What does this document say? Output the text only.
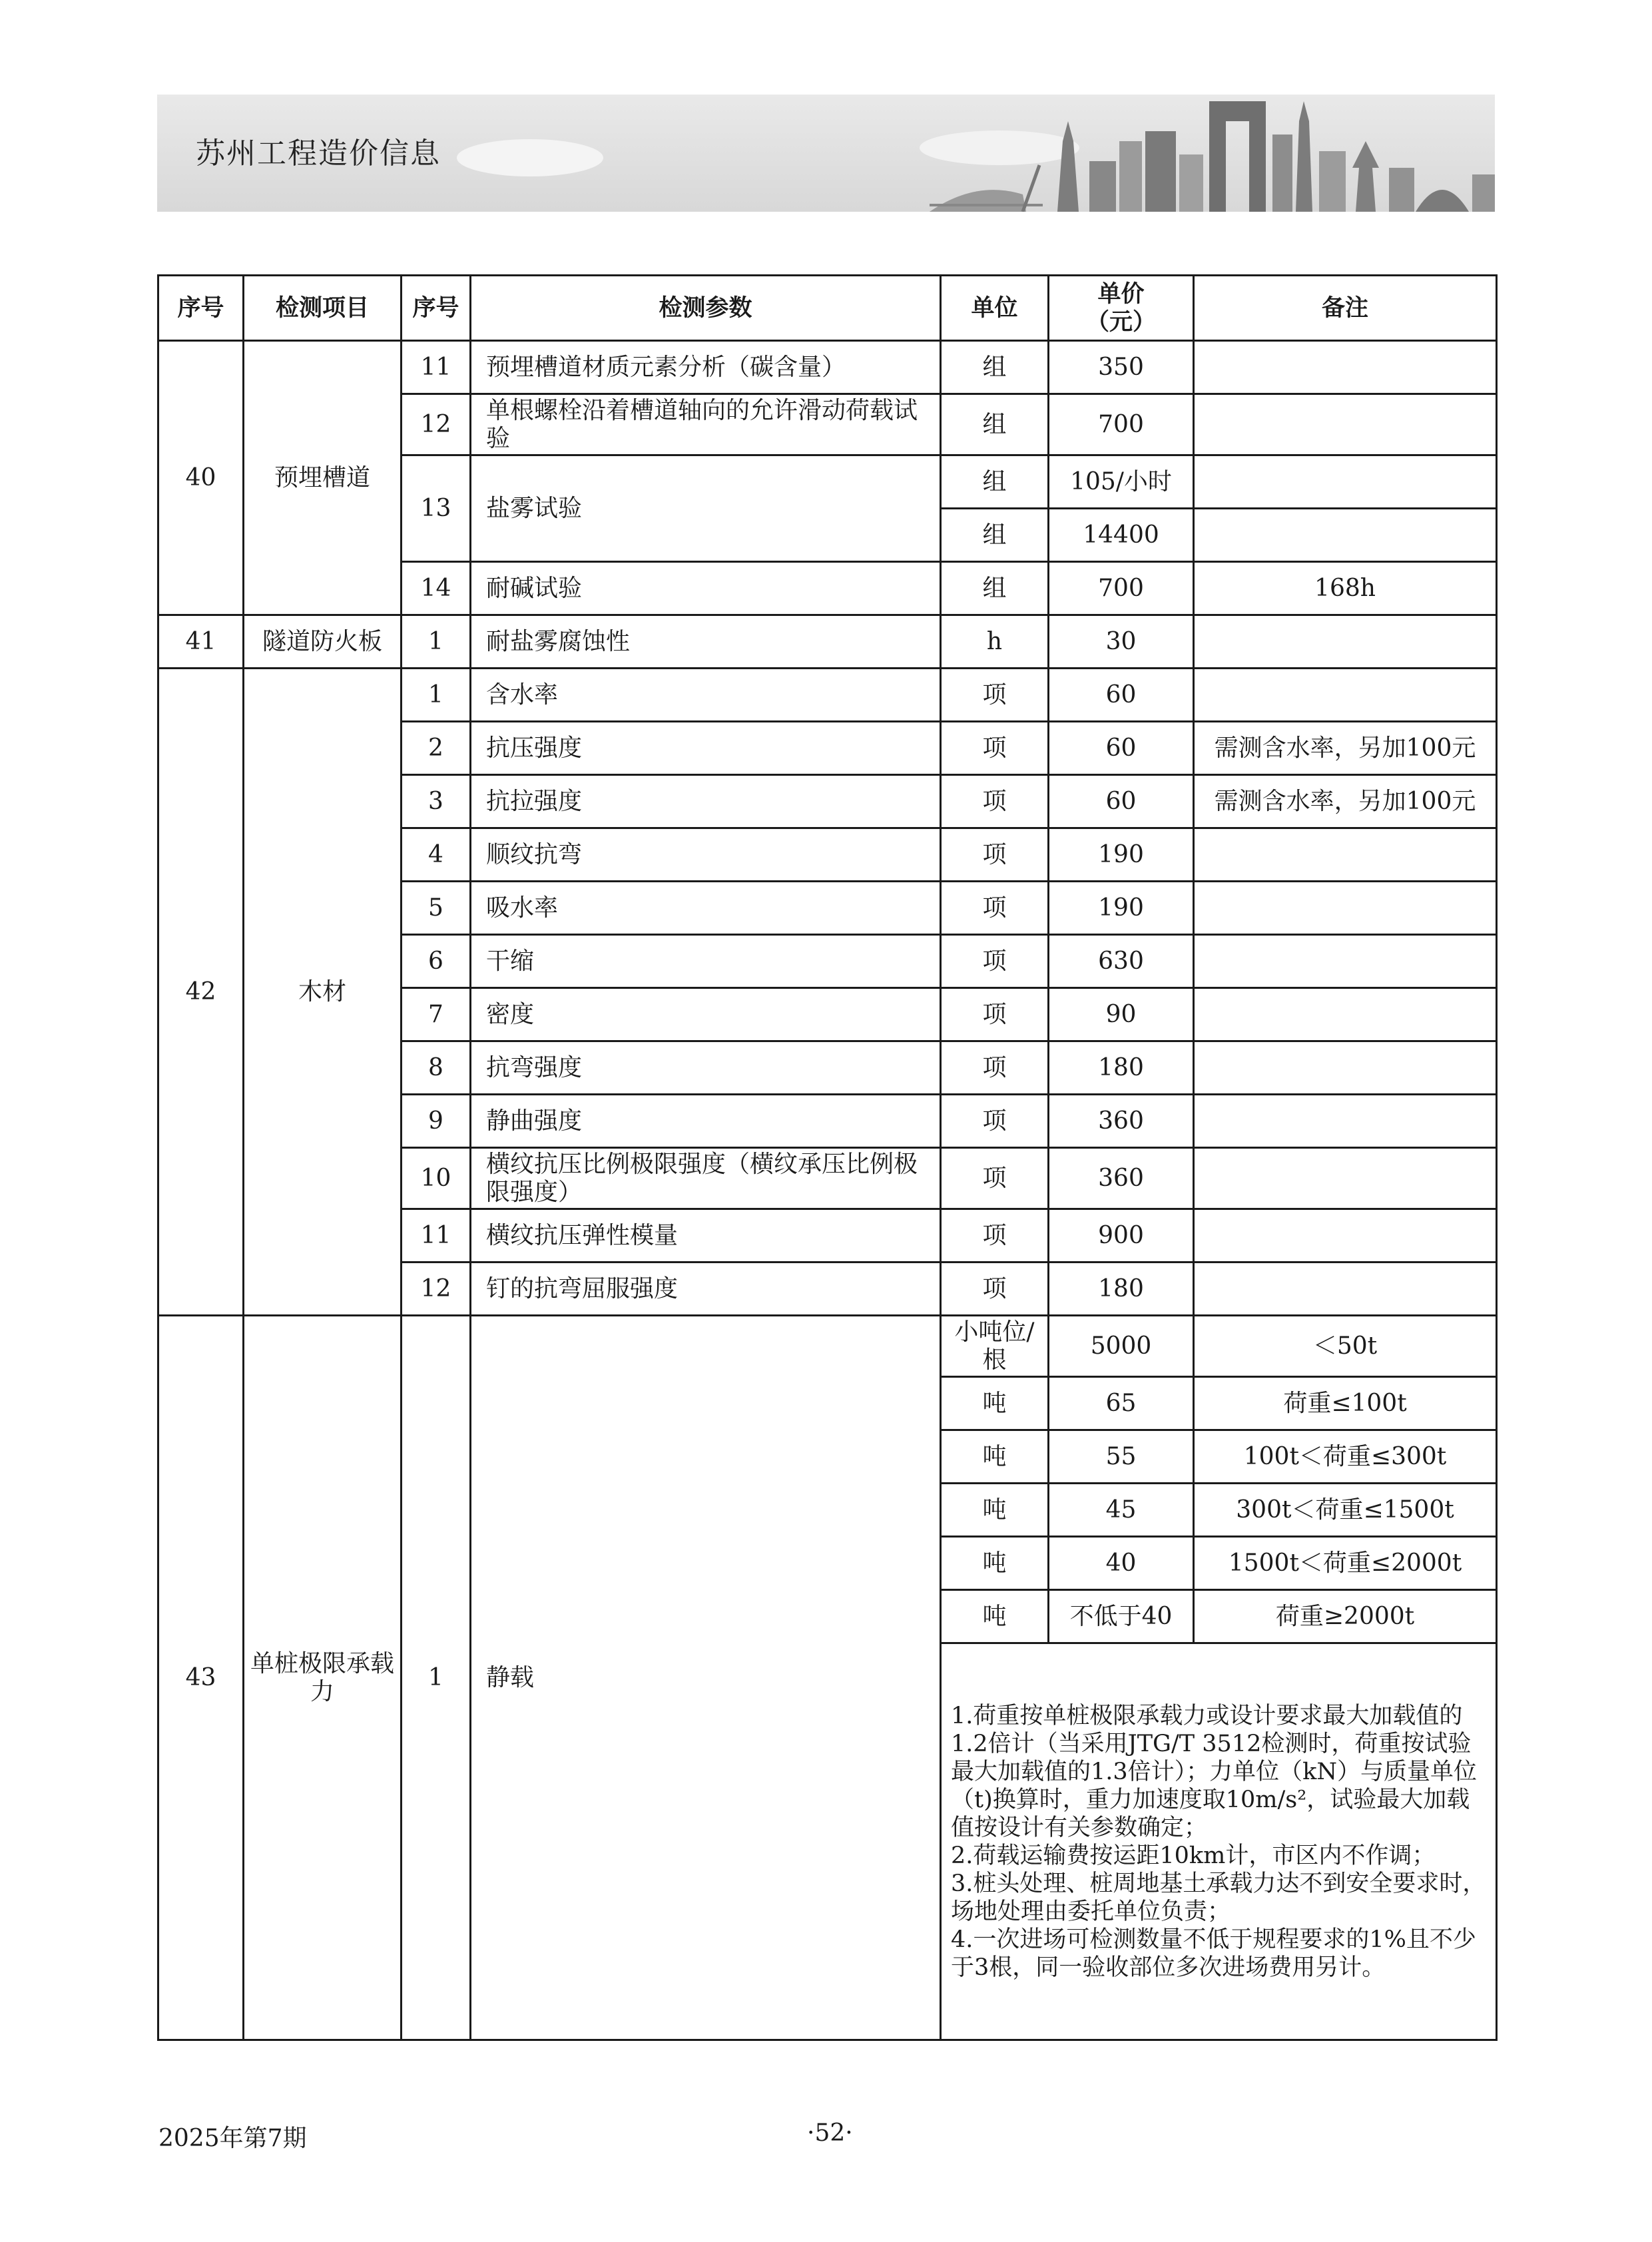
苏州工程造价信息
序号	检测项目	序号	检测参数	单位	单价（元）	备注
40	预埋槽道	11	预埋槽道材质元素分析（碳含量）	组	350	
		12	单根螺栓沿着槽道轴向的允许滑动荷载试验	组	700	
		13	盐雾试验	组	105/小时	
				组	14400	
		14	耐碱试验	组	700	168h
41	隧道防火板	1	耐盐雾腐蚀性	h	30	
42	木材	1	含水率	项	60	
		2	抗压强度	项	60	需测含水率，另加100元
		3	抗拉强度	项	60	需测含水率，另加100元
		4	顺纹抗弯	项	190	
		5	吸水率	项	190	
		6	干缩	项	630	
		7	密度	项	90	
		8	抗弯强度	项	180	
		9	静曲强度	项	360	
		10	横纹抗压比例极限强度（横纹承压比例极限强度）	项	360	
		11	横纹抗压弹性模量	项	900	
		12	钉的抗弯屈服强度	项	180	
43	单桩极限承载力	1	静载	小吨位/根	5000	＜50t
				吨	65	荷重≤100t
				吨	55	100t＜荷重≤300t
				吨	45	300t＜荷重≤1500t
				吨	40	1500t＜荷重≤2000t
				吨	不低于40	荷重≥2000t

				1.荷重按单桩极限承载力或设计要求最大加载值的1.2倍计（当采用JTG/T 3512检测时，荷重按试验最大加载值的1.3倍计）；力单位（kN）与质量单位（t)换算时，重力加速度取10m/s²，试验最大加载值按设计有关参数确定；
2.荷载运输费按运距10km计，市区内不作调；
3.桩头处理、桩周地基土承载力达不到安全要求时，场地处理由委托单位负责；
4.一次进场可检测数量不低于规程要求的1%且不少于3根，同一验收部位多次进场费用另计。		
2025年第7期	·52·
